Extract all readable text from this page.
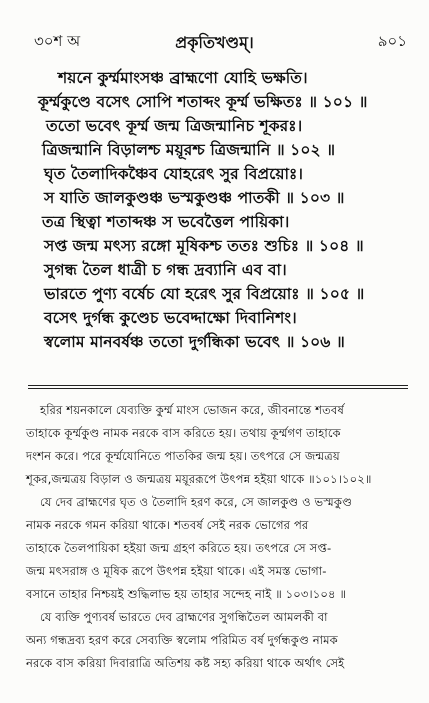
৩০শ অ	প্রকৃতিখণ্ডম্।	৯০১
শয়নে কুর্ম্মমাংসঞ্চ ব্রাহ্মণো যোহি ভক্ষতি।
কূর্ম্মকুণ্ডে বসেৎ সোপি শতাব্দং কূর্ম্ম ভক্ষিতঃ ॥ ১০১ ॥
ততো ভবেৎ কূর্ম্ম জন্ম ত্রিজন্মানিচ শূকরঃ।
ত্রিজন্মানি বিড়ালশ্চ ময়ূরশ্চ ত্রিজন্মানি ॥ ১০২ ॥
ঘৃত তৈলাদিকঞ্চৈব যোহরেৎ সুর বিপ্রয়োঃ।
স যাতি জালকুণ্ডঞ্চ ভস্মকুণ্ডঞ্চ পাতকী ॥ ১০৩ ॥
তত্র স্থিত্বা শতাব্দঞ্চ স ভবেত্তৈল পায়িকা।
সপ্ত জন্ম মৎস্য রঙ্গো মূষিকশ্চ ততঃ শুচিঃ ॥ ১০৪ ॥
সুগন্ধ তৈল ধাত্রী চ গন্ধ দ্রব্যানি এব বা।
ভারতে পুণ্য বর্ষেচ যো হরেৎ সুর বিপ্রয়োঃ ॥ ১০৫ ॥
বসেৎ দুর্গন্ধ কুণ্ডেচ ভবেদ্দাক্ষো দিবানিশং।
স্বলোম মানবর্ষঞ্চ ততো দুর্গন্ধিকা ভবেৎ ॥ ১০৬ ॥
হরির শয়নকালে যেব্যক্তি কুর্ম্ম মাংস ভোজন করে, জীবনান্তে শতবর্ষ
তাহাকে কূর্ম্মকুণ্ড নামক নরকে বাস করিতে হয়। তথায় কূর্ম্মগণ তাহাকে
দংশন করে। পরে কূর্ম্মযোনিতে পাতকির জন্ম হয়। তৎপরে সে জন্মত্রয়
শূকর,জন্মত্রয় বিড়াল ও জন্মত্রয় ময়ূররূপে উৎপন্ন হইয়া থাকে ॥১০১।১০২॥
যে দেব ব্রাহ্মণের ঘৃত ও তৈলাদি হরণ করে, সে জালকুণ্ড ও ভস্মকুণ্ড
নামক নরকে গমন করিয়া থাকে। শতবর্ষ সেই নরক ভোগের পর
তাহাকে তৈলপায়িকা হইয়া জন্ম গ্রহণ করিতে হয়। তৎপরে সে সপ্ত-
জন্ম মৎসরাঙ্গ ও মূষিক রূপে উৎপন্ন হইয়া থাকে। এই সমস্ত ভোগা-
বসানে তাহার নিশ্চয়ই শুদ্ধিলাভ হয় তাহার সন্দেহ নাই ॥ ১০৩।১০৪ ॥
যে ব্যক্তি পুণ্যবর্ষ ভারতে দেব ব্রাহ্মণের সুগন্ধিতৈল আমলকী বা
অন্য গন্ধদ্রব্য হরণ করে সেব্যক্তি স্বলোম পরিমিত বর্ষ দুর্গন্ধকুণ্ড নামক
নরকে বাস করিয়া দিবারাত্রি অতিশয় কষ্ট সহ্য করিয়া থাকে অর্থাৎ সেই
